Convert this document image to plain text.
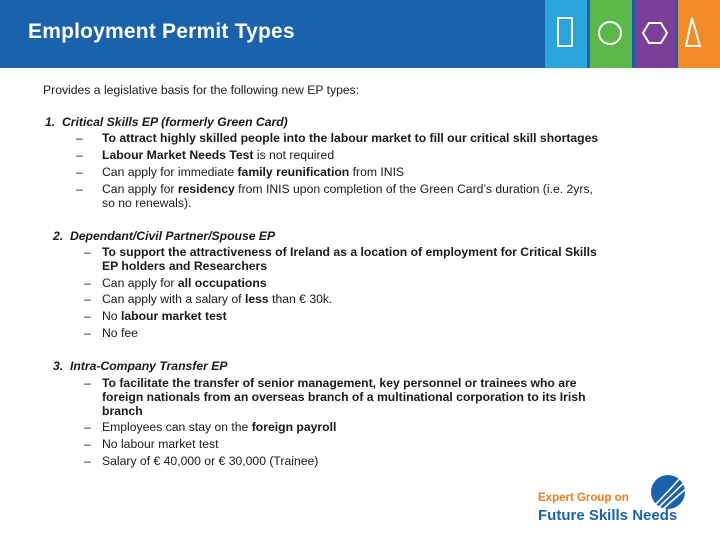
Employment Permit Types
Provides a legislative basis for the following new EP types:
1. Critical Skills EP (formerly Green Card)
– To attract highly skilled people into the labour market to fill our critical skill shortages
– Labour Market Needs Test is not required
– Can apply for immediate family reunification from INIS
– Can apply for residency from INIS upon completion of the Green Card’s duration (i.e. 2yrs,
so no renewals).
2. Dependant/Civil Partner/Spouse EP
– To support the attractiveness of Ireland as a location of employment for Critical Skills
EP holders and Researchers
– Can apply for all occupations
– Can apply with a salary of less than € 30k.
– No labour market test
– No fee
3. Intra-Company Transfer EP
– To facilitate the transfer of senior management, key personnel or trainees who are
foreign nationals from an overseas branch of a multinational corporation to its Irish
branch
– Employees can stay on the foreign payroll
– No labour market test
– Salary of € 40,000 or € 30,000 (Trainee)
Expert Group on
Future Skills Needs
